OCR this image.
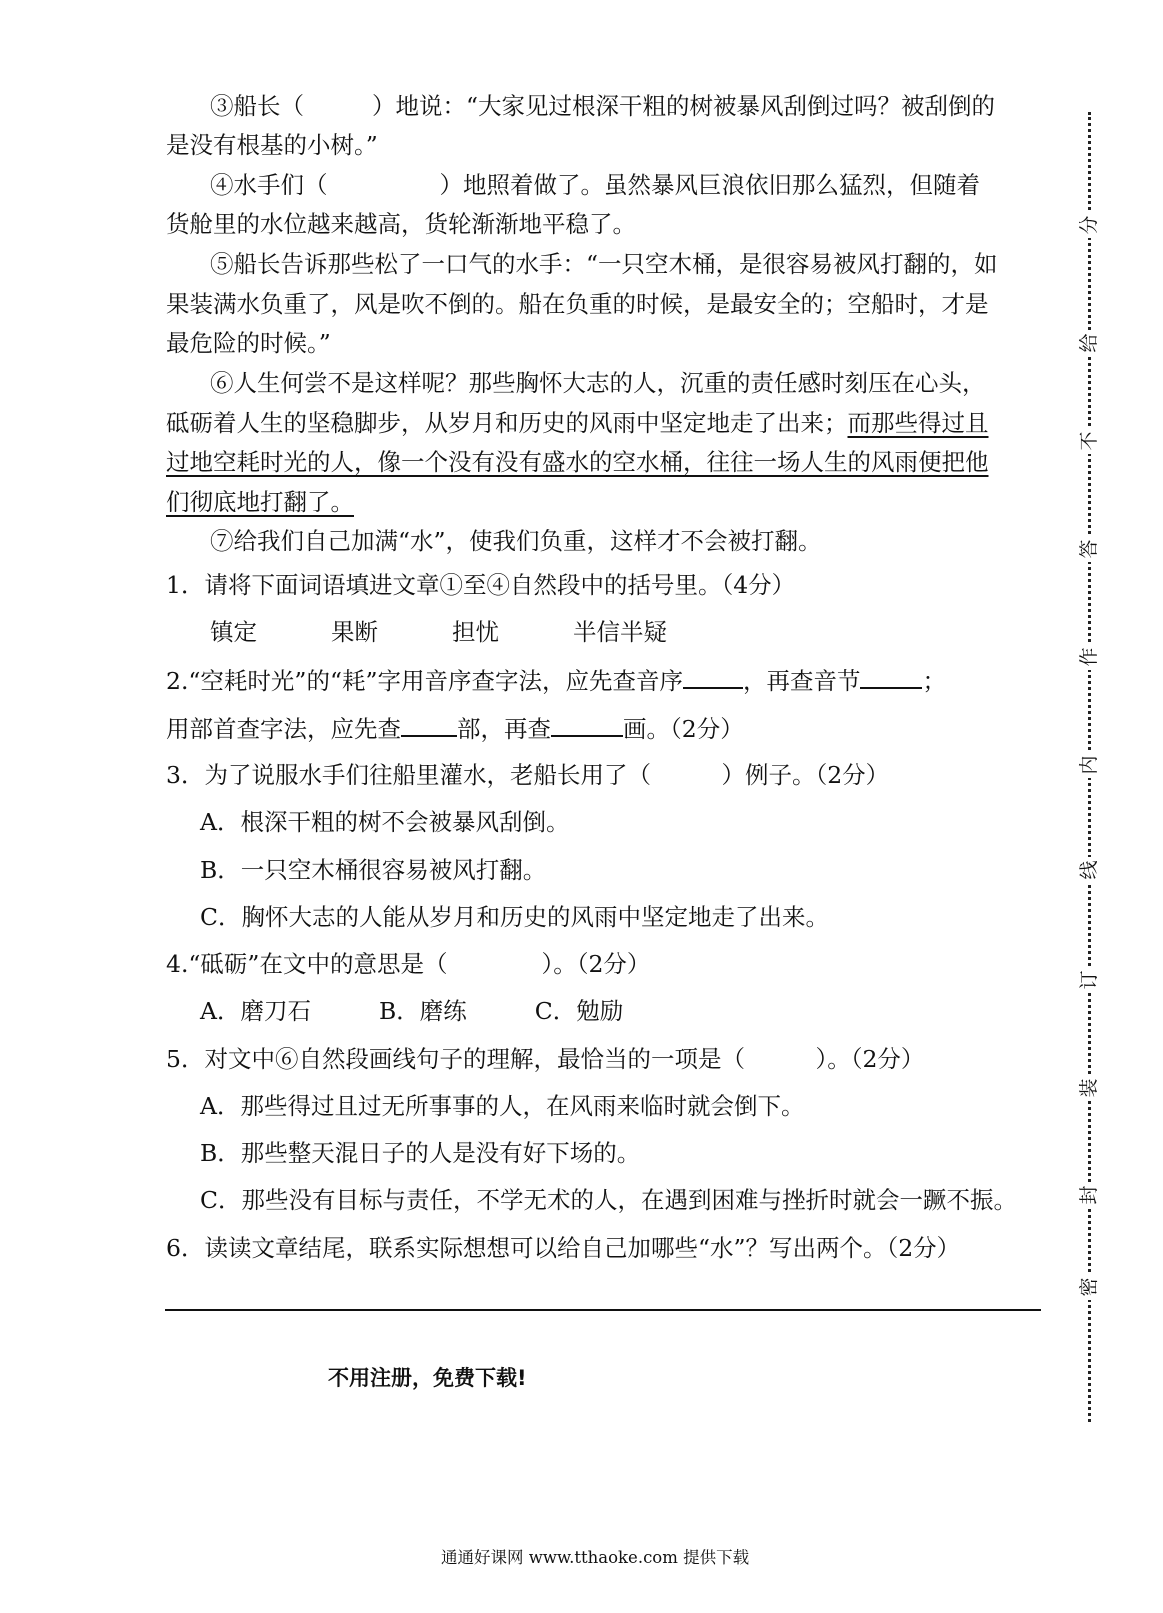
③船长（	）地说：“大家见过根深干粗的树被暴风刮倒过吗？被刮倒的
是没有根基的小树。”
④水手们（	）地照着做了。虽然暴风巨浪依旧那么猛烈，但随着
货舱里的水位越来越高，货轮渐渐地平稳了。
⑤船长告诉那些松了一口气的水手：“一只空木桶，是很容易被风打翻的，如
果装满水负重了，风是吹不倒的。船在负重的时候，是最安全的；空船时，才是
最危险的时候。”
⑥人生何尝不是这样呢？那些胸怀大志的人，沉重的责任感时刻压在心头，
砥砺着人生的坚稳脚步，从岁月和历史的风雨中坚定地走了出来；而那些得过且
过地空耗时光的人，像一个没有没有盛水的空水桶，往往一场人生的风雨便把他
们彻底地打翻了。
⑦给我们自己加满“水”，使我们负重，这样才不会被打翻。
1．请将下面词语填进文章①至④自然段中的括号里。（4分）
镇定	果断	担忧	半信半疑
2.“空耗时光”的“耗”字用音序查字法，应先查音序	，再查音节	；
用部首查字法，应先查 部，再查	画。（2分）
3．为了说服水手们往船里灌水，老船长用了（　　　）例子。（2分）
A．根深干粗的树不会被暴风刮倒。
B．一只空木桶很容易被风打翻。
C．胸怀大志的人能从岁月和历史的风雨中坚定地走了出来。
4.“砥砺”在文中的意思是（　　　　）。（2分）
A．磨刀石	B．磨练	C．勉励
5．对文中⑥自然段画线句子的理解，最恰当的一项是（　　　）。（2分）
A．那些得过且过无所事事的人，在风雨来临时就会倒下。
B．那些整天混日子的人是没有好下场的。
C．那些没有目标与责任，不学无术的人，在遇到困难与挫折时就会一蹶不振。
6．读读文章结尾，联系实际想想可以给自己加哪些“水”？写出两个。（2分）
不用注册，免费下载!
通通好课网 www.tthaoke.com 提供下载
分
给
不
答
作
内
线
订
装
封
密
